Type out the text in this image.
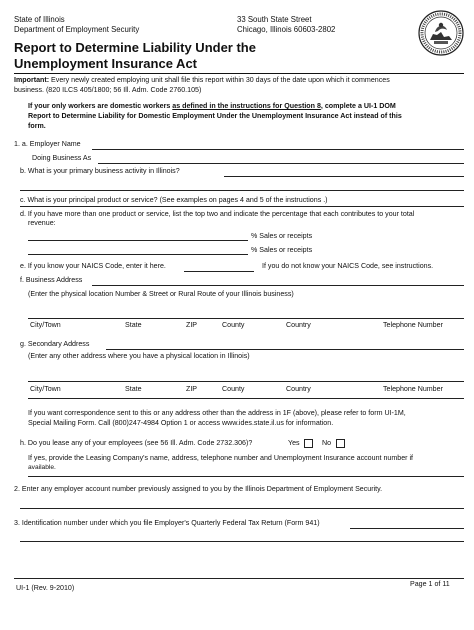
State of Illinois
Department of Employment Security
33 South State Street
Chicago, Illinois 60603-2802
Report to Determine Liability Under the
Unemployment Insurance Act
Important: Every newly created employing unit shall file this report within 30 days of the date upon which it commences
business. (820 ILCS 405/1800; 56 Ill. Adm. Code 2760.105)
If your only workers are domestic workers as defined in the instructions for Question 8, complete a UI-1 DOM
Report to Determine Liability for Domestic Employment Under the Unemployment Insurance Act instead of this
form.
1. a. Employer Name
Doing Business As
b. What is your primary business activity in Illinois?
c. What is your principal product or service? (See examples on pages 4 and 5 of the instructions .)
d. If you have more than one product or service, list the top two and indicate the percentage that each contributes to your total
revenue:
% Sales or receipts
% Sales or receipts
e. If you know your NAICS Code, enter it here.	If you do not know your NAICS Code, see instructions.
f. Business Address
(Enter the physical location Number & Street or Rural Route of your Illinois business)
City/Town	State	ZIP	County	Country	Telephone Number
g. Secondary Address
(Enter any other address where you have a physical location in Illinois)
City/Town	State	ZIP	County	Country	Telephone Number
If you want correspondence sent to this or any address other than the address in 1F (above), please refer to form UI-1M,
Special Mailing Form. Call (800)247-4984 Option 1 or access www.ides.state.il.us for information.
h. Do you lease any of your employees (see 56 Ill. Adm. Code 2732.306)?	Yes	No
If yes, provide the Leasing Company's name, address, telephone number and Unemployment Insurance account number if
available.
2. Enter any employer account number previously assigned to you by the Illinois Department of Employment Security.
3. Identification number under which you file Employer's Quarterly Federal Tax Return (Form 941)
UI-1 (Rev. 9-2010)	Page 1 of 11
